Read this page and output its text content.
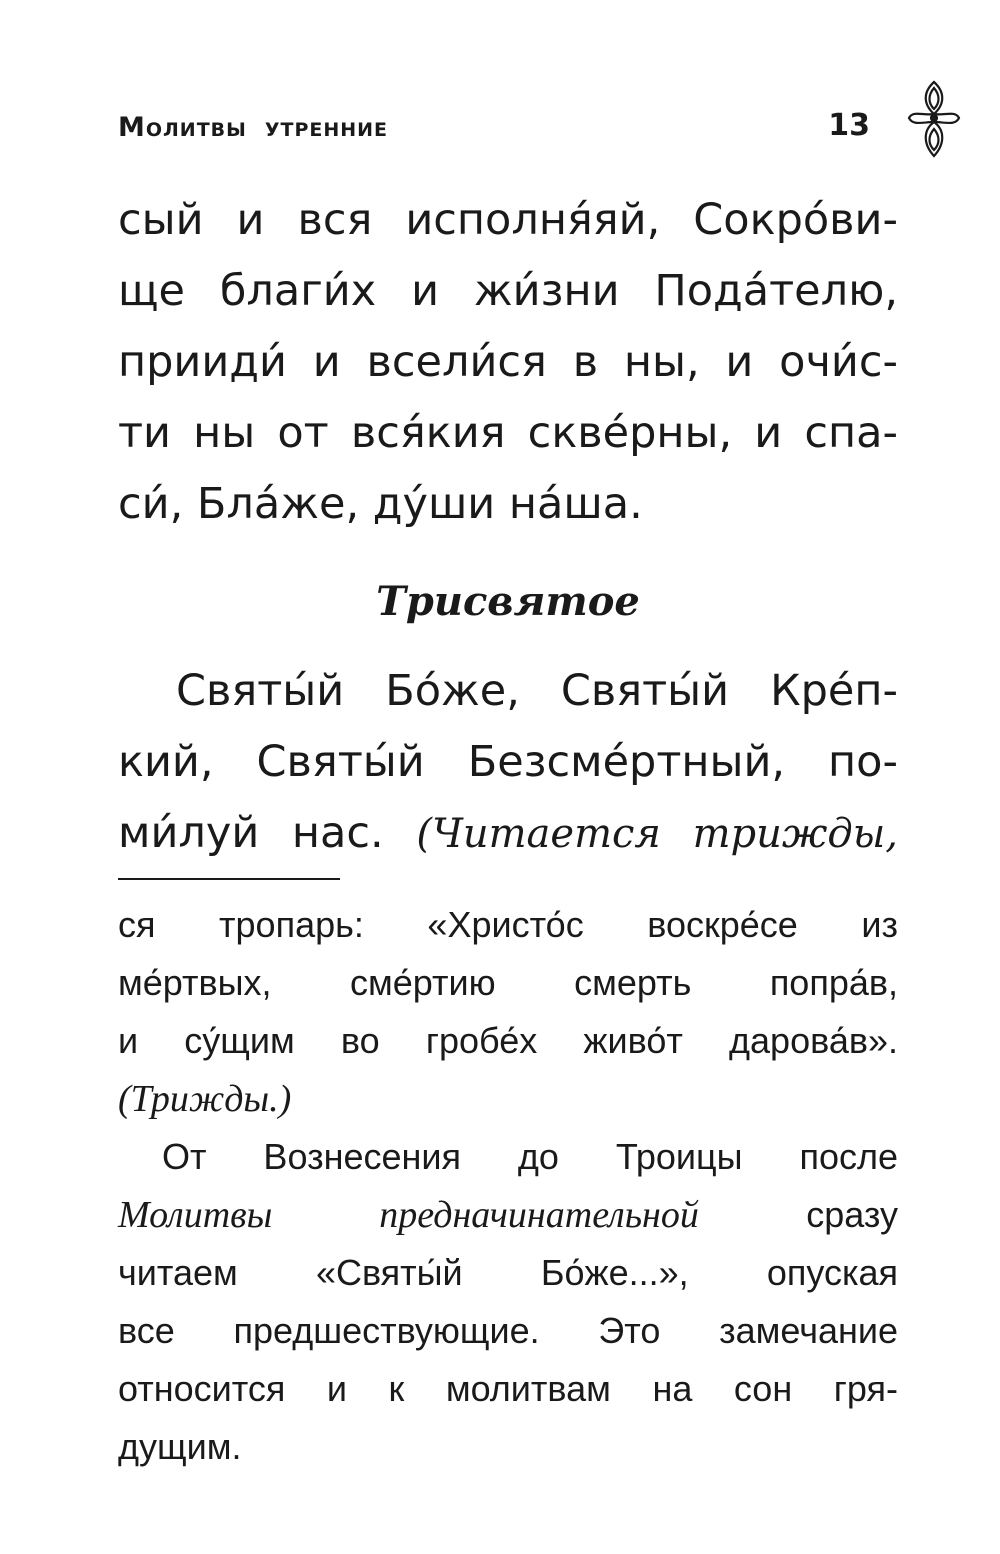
Молитвы утренние	13
сый и вся исполня́яй, Сокро́ви-
ще благи́х и жи́зни Пода́телю,
прииди́ и всели́ся в ны, и очи́с-
ти ны от вся́кия скве́рны, и спа-
си́, Бла́же, ду́ши на́ша.
Трисвятое
Святы́й Бо́же, Святы́й Кре́п-
кий, Святы́й Безсме́ртный, по-
ми́луй нас. (Читается трижды,
ся тропарь: «Христо́с воскре́се из
ме́ртвых, сме́ртию смерть попра́в,
и су́щим во гробе́х живо́т дарова́в».
(Трижды.)
От Вознесения до Троицы после
Молитвы предначинательной	сразу
читаем «Святы́й Бо́же...», опуская
все предшествующие. Это замечание
относится и к молитвам на сон гря-
дущим.
